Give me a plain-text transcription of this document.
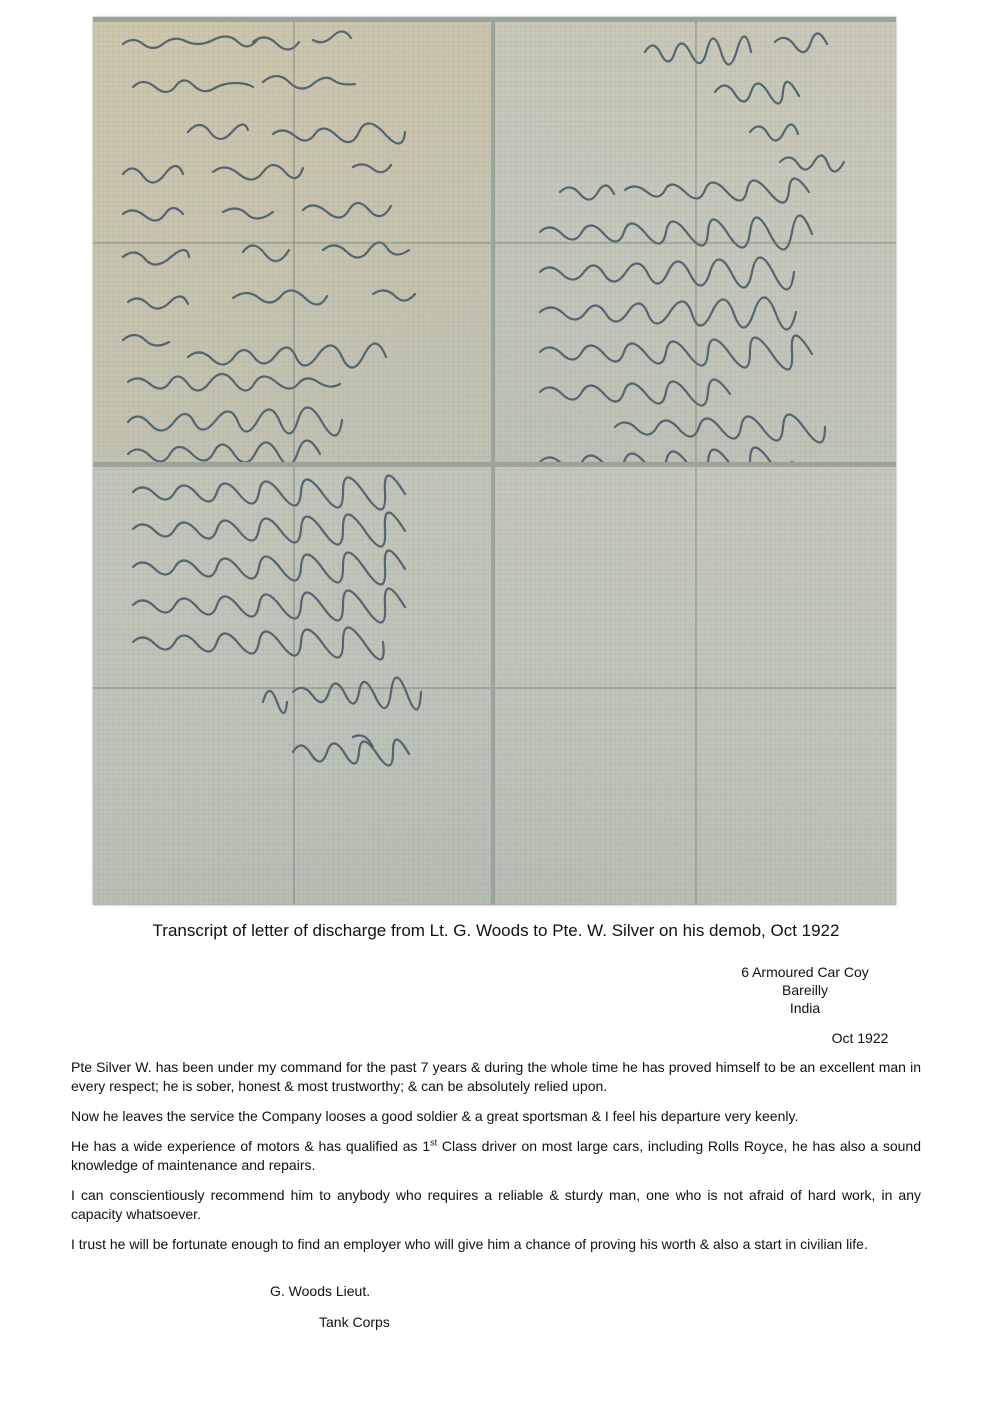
Transcript of letter of discharge from Lt. G. Woods to Pte. W. Silver on his demob, Oct 1922

6 Armoured Car Coy
Bareilly
India
Oct 1922

Pte Silver W. has been under my command for the past 7 years & during the whole time he has proved himself to be an excellent man in every respect; he is sober, honest & most trustworthy; & can be absolutely relied upon.

Now he leaves the service the Company looses a good soldier & a great sportsman & I feel his departure very keenly.

He has a wide experience of motors & has qualified as 1st Class driver on most large cars, including Rolls Royce, he has also a sound knowledge of maintenance and repairs.

I can conscientiously recommend him to anybody who requires a reliable & sturdy man, one who is not afraid of hard work, in any capacity whatsoever.

I trust he will be fortunate enough to find an employer who will give him a chance of proving his worth & also a start in civilian life.

G. Woods Lieut.
Tank Corps
